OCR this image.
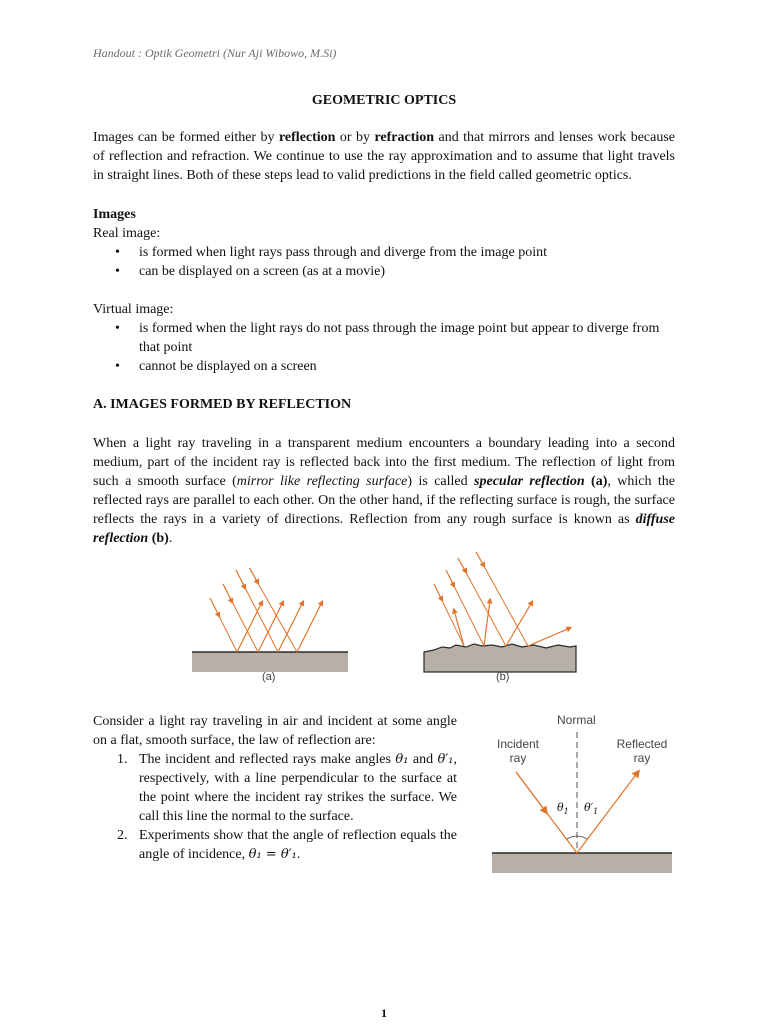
Handout : Optik Geometri (Nur Aji Wibowo, M.Si)
GEOMETRIC OPTICS
Images can be formed either by reflection or by refraction and that mirrors and lenses work because of reflection and refraction. We continue to use the ray approximation and to assume that light travels in straight lines. Both of these steps lead to valid predictions in the field called geometric optics.
Images
Real image:
• is formed when light rays pass through and diverge from the image point
• can be displayed on a screen (as at a movie)
Virtual image:
• is formed when the light rays do not pass through the image point but appear to diverge from that point
• cannot be displayed on a screen
A. IMAGES FORMED BY REFLECTION
When a light ray traveling in a transparent medium encounters a boundary leading into a second medium, part of the incident ray is reflected back into the first medium. The reflection of light from such a smooth surface (mirror like reflecting surface) is called specular reflection (a), which the reflected rays are parallel to each other. On the other hand, if the reflecting surface is rough, the surface reflects the rays in a variety of directions. Reflection from any rough surface is known as diffuse reflection (b).
(a)	(b)
Consider a light ray traveling in air and incident at some angle on a flat, smooth surface, the law of reflection are:
1. The incident and reflected rays make angles θ₁ and θ′₁, respectively, with a line perpendicular to the surface at the point where the incident ray strikes the surface. We call this line the normal to the surface.
2. Experiments show that the angle of reflection equals the angle of incidence, θ₁ = θ′₁.
Normal
Incident
ray
Reflected
ray
$\theta_1$ $\theta'_1$
1
